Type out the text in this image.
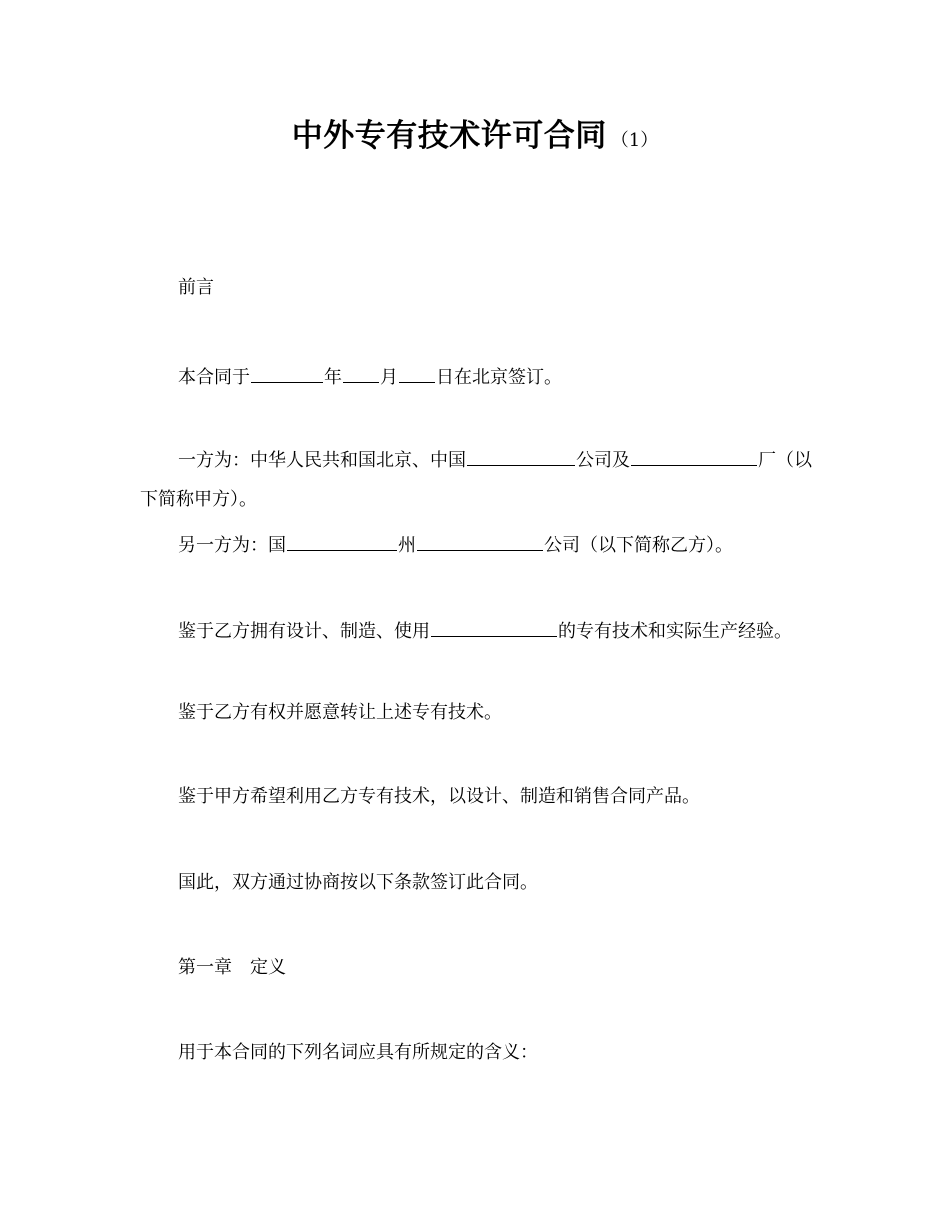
中外专有技术许可合同 （1）
前言
本合同于	年 月 日在北京签订。
一方为：中华人民共和国北京、中国	公司及	厂（以
下简称甲方）。
另一方为：国	州	公司（以下简称乙方）。
鉴于乙方拥有设计、制造、使用	的专有技术和实际生产经验。
鉴于乙方有权并愿意转让上述专有技术。
鉴于甲方希望利用乙方专有技术，以设计、制造和销售合同产品。
国此，双方通过协商按以下条款签订此合同。
第一章 定义
用于本合同的下列名词应具有所规定的含义：
